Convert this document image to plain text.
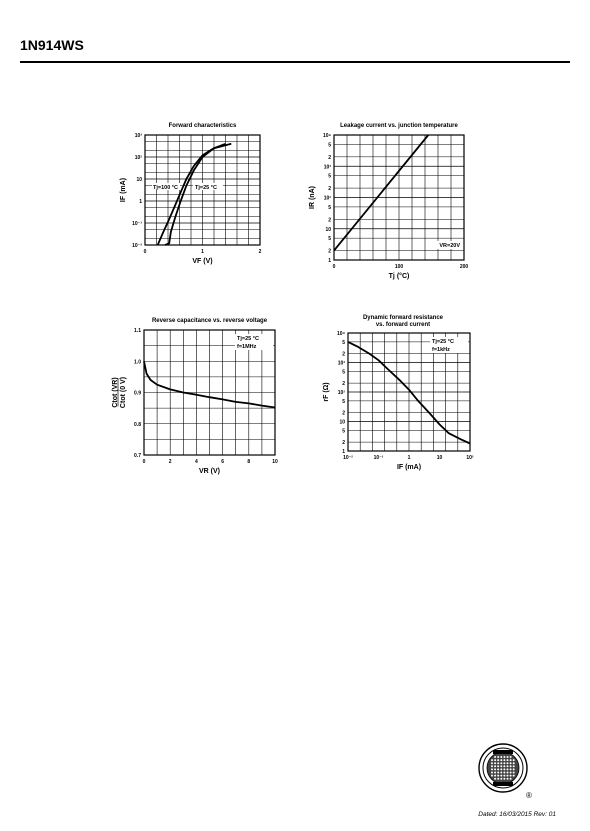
1N914WS
Forward characteristics
0	1	2
10⁻²
10⁻¹
1
10
10²
10³
VF (V)
IF (mA)	Tj=100 °C	Tj=25 °C
Leakage current vs. junction temperature
0	100	200
1
2
5
10
2
5
10²
2
5
10³
2
5
10⁴
Tj (°C)
IR (nA)
VR=20V
Reverse capacitance vs. reverse voltage
0	2	4	6	8	10
0.7
0.8
0.9
1.0
1.1
VR (V)
Ctot (VR) Ctot (0 V)
Tj=25 °C
f=1MHz
Dynamic forward resistance
vs. forward current
10⁻²	10⁻¹	1	10	10²
1
2
5
10
2
5
10²
2
5
10³
2
5
10⁴
IF (mA)
rF (Ω)
Tj=25 °C
f=1kHz
®
Dated: 16/03/2015 Rev: 01
